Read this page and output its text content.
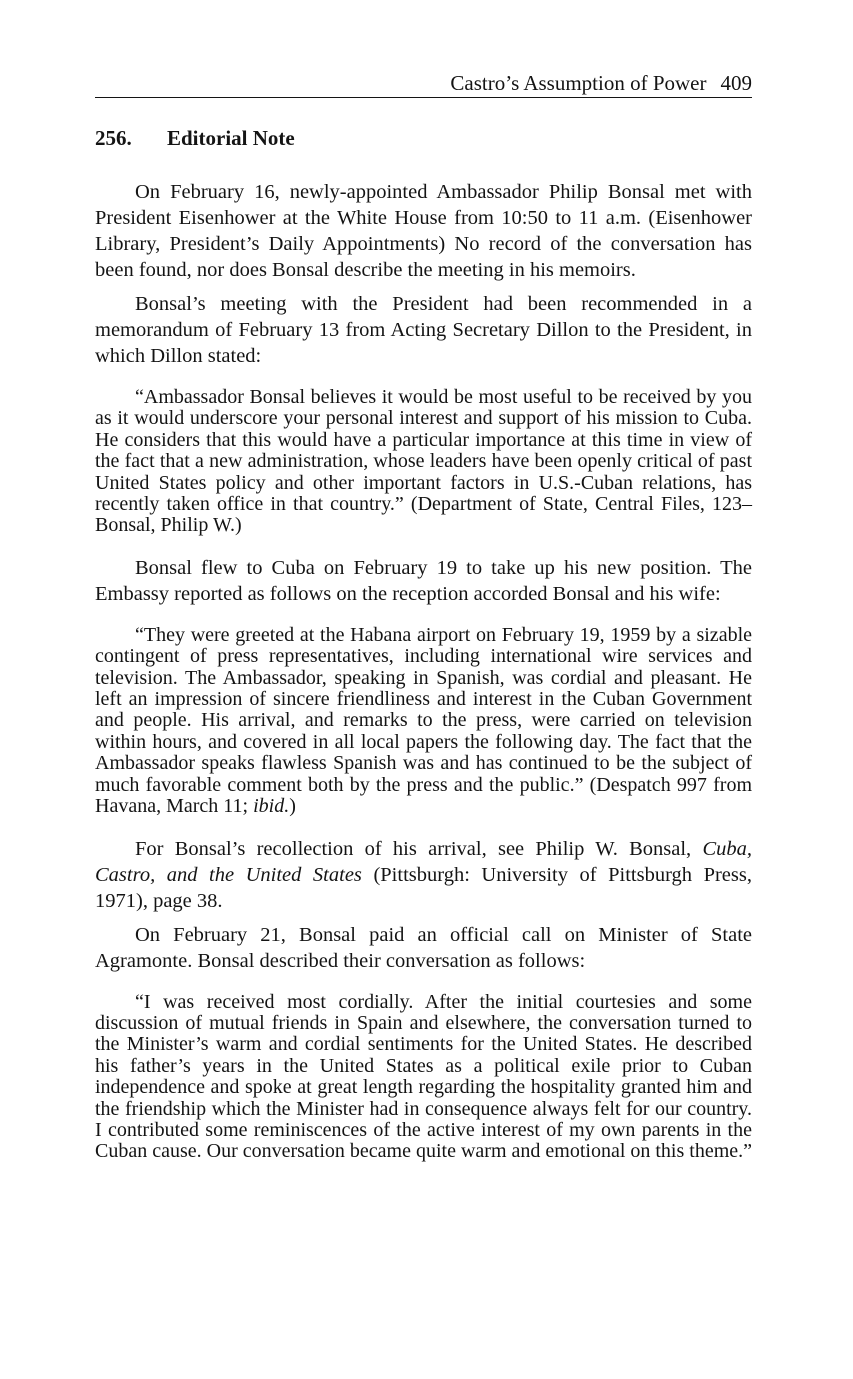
Castro’s Assumption of Power 409
256. Editorial Note

On February 16, newly-appointed Ambassador Philip Bonsal met with President Eisenhower at the White House from 10:50 to 11 a.m. (Eisenhower Library, President’s Daily Appointments) No record of the conversation has been found, nor does Bonsal describe the meeting in his memoirs.

Bonsal’s meeting with the President had been recommended in a memorandum of February 13 from Acting Secretary Dillon to the President, in which Dillon stated:

“Ambassador Bonsal believes it would be most useful to be received by you as it would underscore your personal interest and support of his mission to Cuba. He considers that this would have a particular importance at this time in view of the fact that a new administration, whose leaders have been openly critical of past United States policy and other important factors in U.S.-Cuban relations, has recently taken office in that country.” (Department of State, Central Files, 123–Bonsal, Philip W.)

Bonsal flew to Cuba on February 19 to take up his new position. The Embassy reported as follows on the reception accorded Bonsal and his wife:

“They were greeted at the Habana airport on February 19, 1959 by a sizable contingent of press representatives, including international wire services and television. The Ambassador, speaking in Spanish, was cordial and pleasant. He left an impression of sincere friendliness and interest in the Cuban Government and people. His arrival, and remarks to the press, were carried on television within hours, and covered in all local papers the following day. The fact that the Ambassador speaks flawless Spanish was and has continued to be the subject of much favorable comment both by the press and the public.” (Despatch 997 from Havana, March 11; ibid.)

For Bonsal’s recollection of his arrival, see Philip W. Bonsal, Cuba, Castro, and the United States (Pittsburgh: University of Pittsburgh Press, 1971), page 38.

On February 21, Bonsal paid an official call on Minister of State Agramonte. Bonsal described their conversation as follows:

“I was received most cordially. After the initial courtesies and some discussion of mutual friends in Spain and elsewhere, the conversation turned to the Minister’s warm and cordial sentiments for the United States. He described his father’s years in the United States as a political exile prior to Cuban independence and spoke at great length regarding the hospitality granted him and the friendship which the Minister had in consequence always felt for our country. I contributed some reminiscences of the active interest of my own parents in the Cuban cause. Our conversation became quite warm and emotional on this theme.”
